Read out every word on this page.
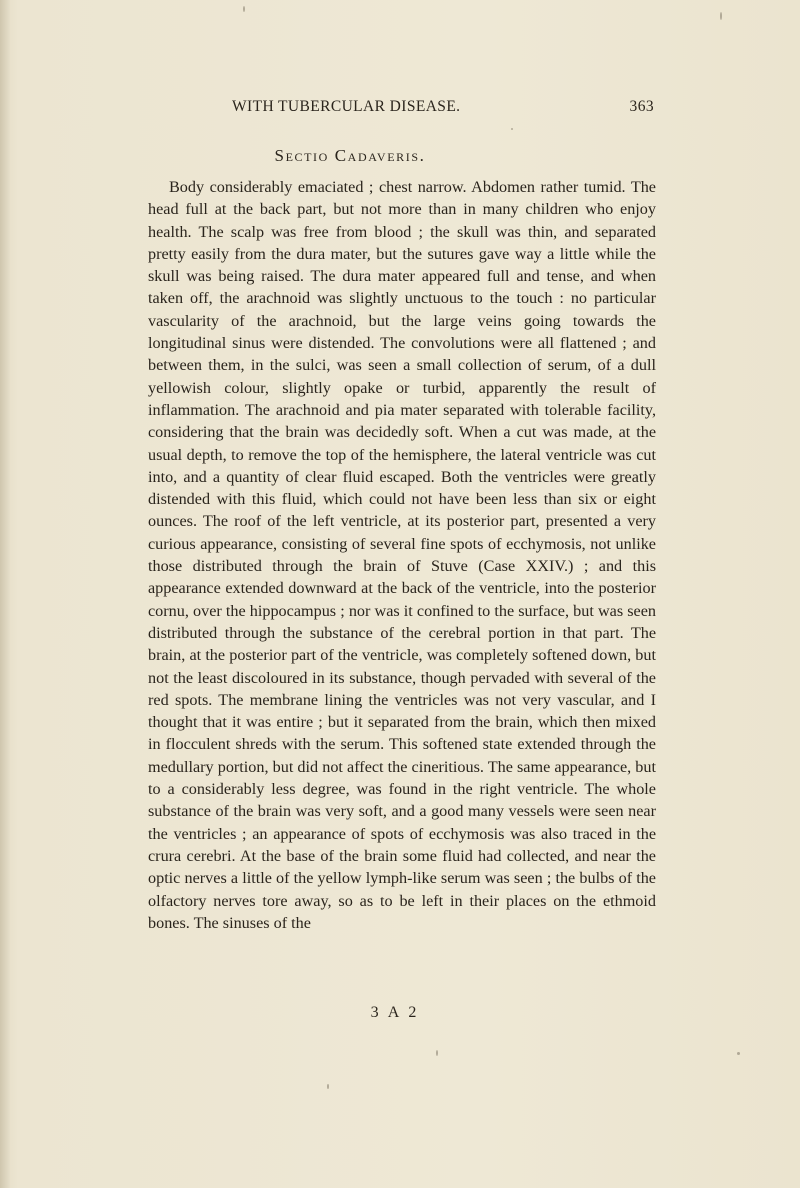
WITH TUBERCULAR DISEASE.	363
Sectio Cadaveris.

Body considerably emaciated ; chest narrow. Abdomen rather tumid. The head full at the back part, but not more than in many children who enjoy health. The scalp was free from blood ; the skull was thin, and separated pretty easily from the dura mater, but the sutures gave way a little while the skull was being raised. The dura mater appeared full and tense, and when taken off, the arachnoid was slightly unctuous to the touch : no particular vascularity of the arachnoid, but the large veins going towards the longitudinal sinus were distended. The convolutions were all flattened ; and between them, in the sulci, was seen a small collection of serum, of a dull yellowish colour, slightly opake or turbid, apparently the result of inflammation. The arachnoid and pia mater separated with tolerable facility, considering that the brain was decidedly soft. When a cut was made, at the usual depth, to remove the top of the hemisphere, the lateral ventricle was cut into, and a quantity of clear fluid escaped. Both the ventricles were greatly distended with this fluid, which could not have been less than six or eight ounces. The roof of the left ventricle, at its posterior part, presented a very curious appearance, consisting of several fine spots of ecchymosis, not unlike those distributed through the brain of Stuve (Case XXIV.) ; and this appearance extended downward at the back of the ventricle, into the posterior cornu, over the hippocampus ; nor was it confined to the surface, but was seen distributed through the substance of the cerebral portion in that part. The brain, at the posterior part of the ventricle, was completely softened down, but not the least discoloured in its substance, though pervaded with several of the red spots. The membrane lining the ventricles was not very vascular, and I thought that it was entire ; but it separated from the brain, which then mixed in flocculent shreds with the serum. This softened state extended through the medullary portion, but did not affect the cineritious. The same appearance, but to a considerably less degree, was found in the right ventricle. The whole substance of the brain was very soft, and a good many vessels were seen near the ventricles ; an appearance of spots of ecchymosis was also traced in the crura cerebri. At the base of the brain some fluid had collected, and near the optic nerves a little of the yellow lymph-like serum was seen ; the bulbs of the olfactory nerves tore away, so as to be left in their places on the ethmoid bones. The sinuses of the

3 A 2
